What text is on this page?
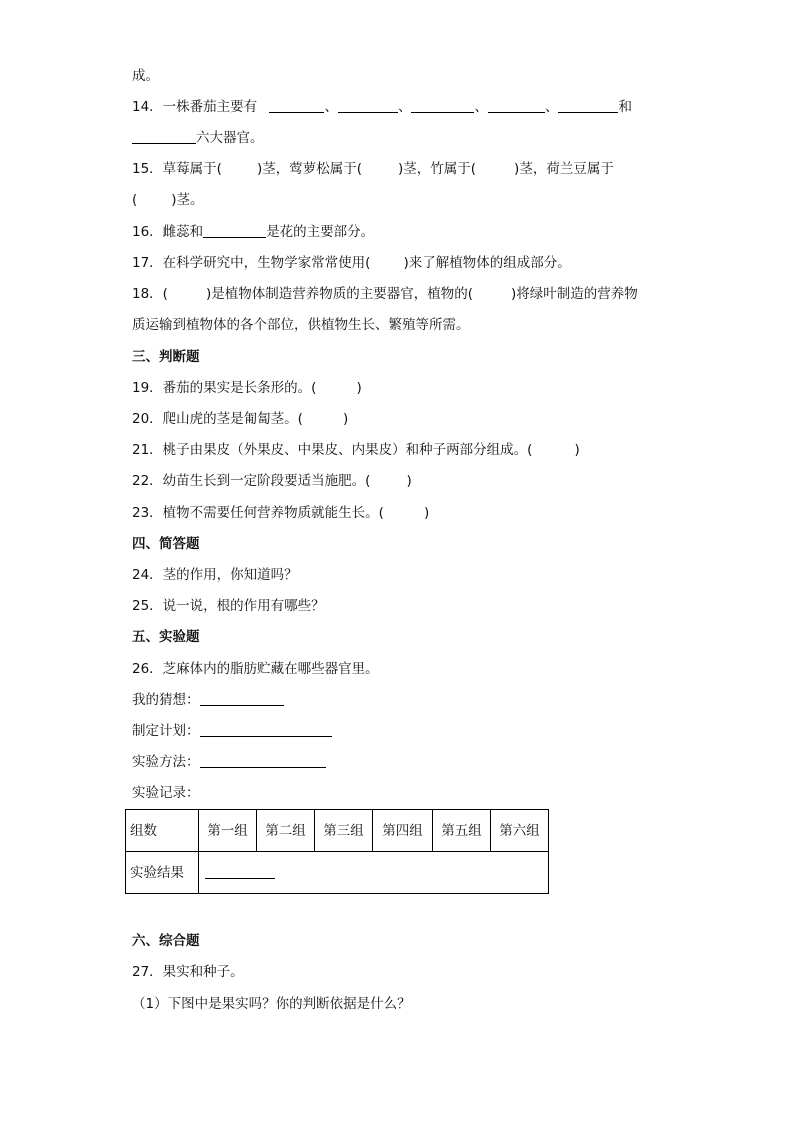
成。
14．一株番茄主要有	、	、	、	、	和
六大器官。
15．草莓属于(	)茎，莺萝松属于(	)茎，竹属于(	)茎，荷兰豆属于
(	)茎。
16．雌蕊和	是花的主要部分。
17．在科学研究中，生物学家常常使用( )来了解植物体的组成部分。
18．(	)是植物体制造营养物质的主要器官，植物的(	)将绿叶制造的营养物
质运输到植物体的各个部位，供植物生长、繁殖等所需。
三、判断题
19．番茄的果实是长条形的。(	)
20．爬山虎的茎是匍匐茎。(	)
21．桃子由果皮（外果皮、中果皮、内果皮）和种子两部分组成。(	)
22．幼苗生长到一定阶段要适当施肥。(	)
23．植物不需要任何营养物质就能生长。(	)
四、简答题
24．茎的作用，你知道吗？
25．说一说，根的作用有哪些？
五、实验题
26．芝麻体内的脂肪贮藏在哪些器官里。
我的猜想：
制定计划：
实验方法：
实验记录：
组数	第一组	第二组	第三组	第四组	第五组	第六组
实验结果						
六、综合题
27．果实和种子。
（1）下图中是果实吗？你的判断依据是什么？
